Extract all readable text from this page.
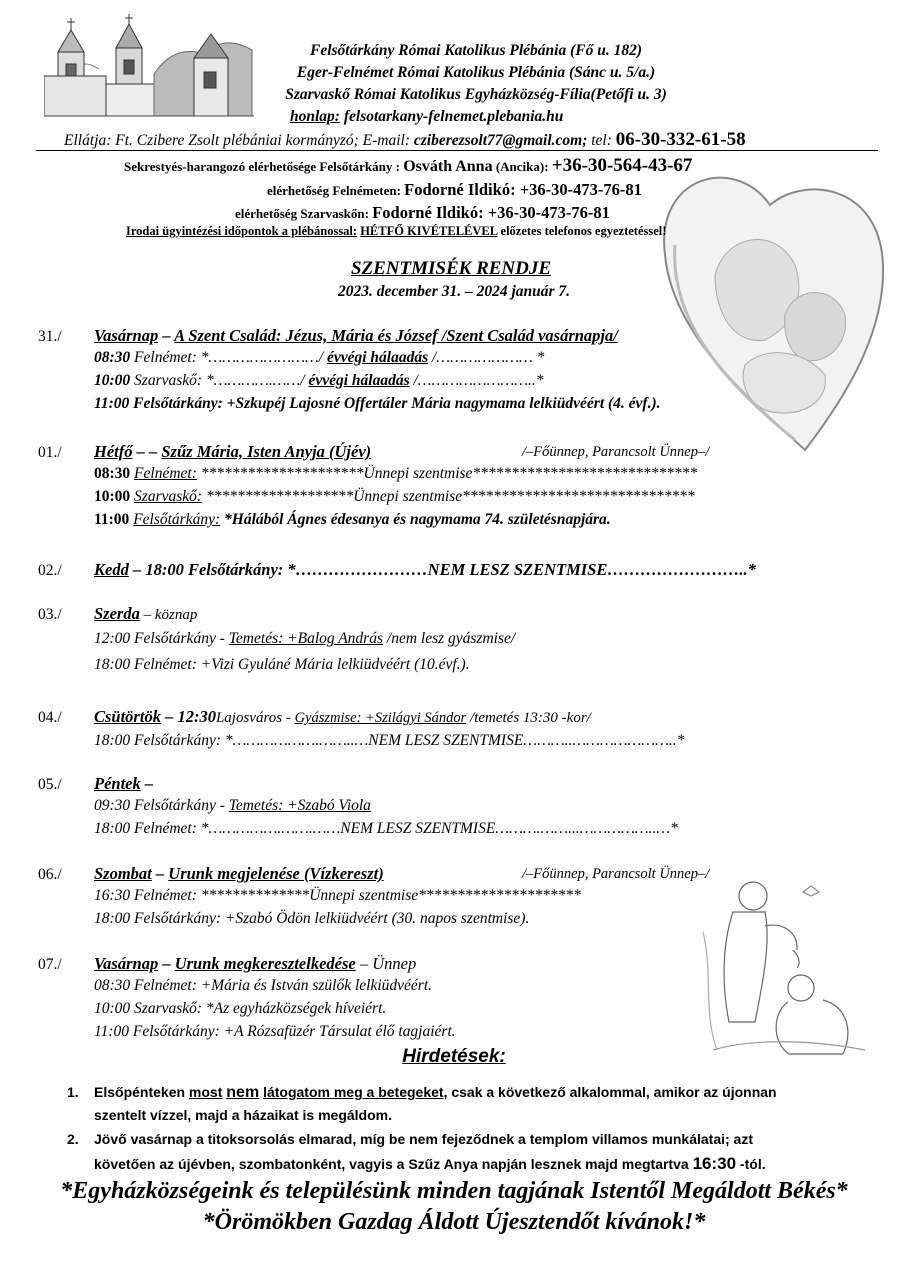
Felsőtárkány Római Katolikus Plébánia (Fő u. 182)
Eger-Felnémet Római Katolikus Plébánia (Sánc u. 5/a.)
Szarvaskő Római Katolikus Egyházközség-Fília(Petőfi u. 3)
honlap: felsotarkany-felnemet.plebania.hu
Ellátja: Ft. Czibere Zsolt plébániai kormányzó; E-mail: cziberezsolt77@gmail.com; tel: 06-30-332-61-58
Sekrestyés-harangozó elérhetősége Felsőtárkány : Osváth Anna (Ancika): +36-30-564-43-67
elérhetőség Felnémeten: Fodorné Ildikó: +36-30-473-76-81
elérhetőség Szarvaskőn: Fodorné Ildikó: +36-30-473-76-81
Irodai ügyintézési időpontok a plébánossal: HÉTFŐ KIVÉTELÉVEL előzetes telefonos egyeztetéssel!
SZENTMISÉK RENDJE
2023. december 31. – 2024 január 7.
31./ Vasárnap – A Szent Család: Jézus, Mária és József /Szent Család vasárnapja/
08:30 Felnémet: *……………………/ évvégi hálaadás /………………… *
10:00 Szarvaskő: *………….……/ évvégi hálaadás /……………………..*
11:00 Felsőtárkány: +Szkupéj Lajosné Offertáler Mária nagymama lelkiüdvéért (4. évf.).
01./ Hétfő – – Szűz Mária, Isten Anyja (Újév)	/–Főünnep, Parancsolt Ünnep–/
08:30 Felnémet: *********************Ünnepi szentmise*****************************
10:00 Szarvaskő: *******************Ünnepi szentmise******************************
11:00 Felsőtárkány: *Hálából Ágnes édesanya és nagymama 74. születésnapjára.
02./ Kedd – 18:00 Felsőtárkány: *……………………NEM LESZ SZENTMISE……………………..*
03./ Szerda – köznap
12:00 Felsőtárkány - Temetés: +Balog András /nem lesz gyászmise/
18:00 Felnémet: +Vizi Gyuláné Mária lelkiüdvéért (10.évf.).
04./ Csütörtök – 12:30Lajosváros - Gyászmise: +Szilágyi Sándor /temetés 13:30 -kor/
18:00 Felsőtárkány: *……………….……..…NEM LESZ SZENTMISE………..…………………..*
05./ Péntek –
09:30 Felsőtárkány - Temetés: +Szabó Viola
18:00 Felnémet: *…………….…….……NEM LESZ SZENTMISE……….……...……………..…*
06./ Szombat – Urunk megjelenése (Vízkereszt)	/–Főünnep, Parancsolt Ünnep–/
16:30 Felnémet: **************Ünnepi szentmise*********************
18:00 Felsőtárkány: +Szabó Ödön lelkiüdvéért (30. napos szentmise).
07./ Vasárnap – Urunk megkeresztelkedése – Ünnep
08:30 Felnémet: +Mária és István szülők lelkiüdvéért.
10:00 Szarvaskő: *Az egyházközségek híveiért.
11:00 Felsőtárkány: +A Rózsafüzér Társulat élő tagjaiért.
Hirdetések:
1. Elsőpénteken most nem látogatom meg a betegeket, csak a következő alkalommal, amikor az újonnan
szentelt vízzel, majd a házaikat is megáldom.
2. Jövő vasárnap a titoksorsolás elmarad, míg be nem fejeződnek a templom villamos munkálatai; azt
követően az újévben, szombatonként, vagyis a Szűz Anya napján lesznek majd megtartva 16:30 -tól.
*Egyházközségeink és településünk minden tagjának Istentől Megáldott Békés*
*Örömökben Gazdag Áldott Újesztendőt kívánok!*
